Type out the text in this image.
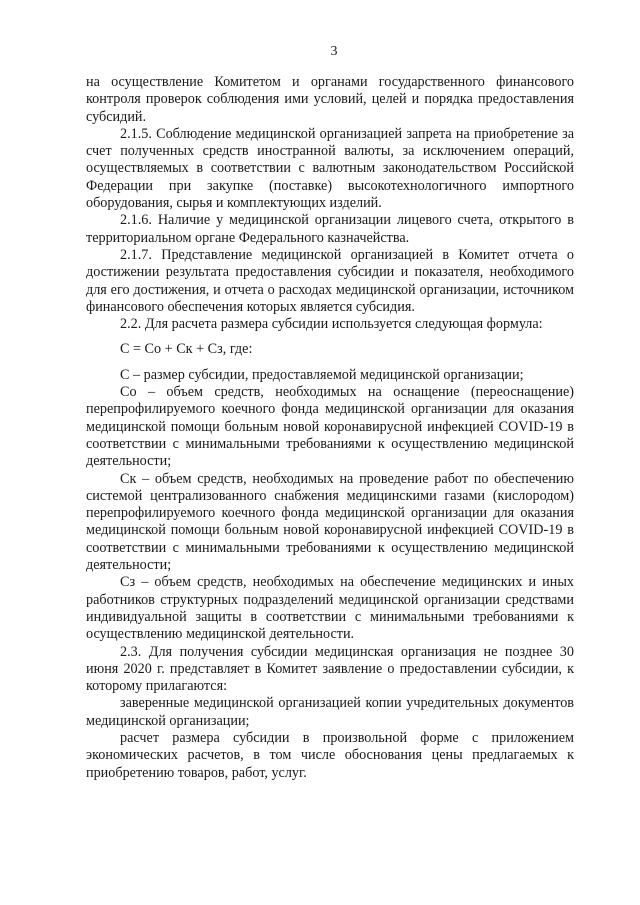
3

на осуществление Комитетом и органами государственного финансового контроля проверок соблюдения ими условий, целей и порядка предоставления субсидий.

2.1.5. Соблюдение медицинской организацией запрета на приобретение за счет полученных средств иностранной валюты, за исключением операций, осуществляемых в соответствии с валютным законодательством Российской Федерации при закупке (поставке) высокотехнологичного импортного оборудования, сырья и комплектующих изделий.

2.1.6. Наличие у медицинской организации лицевого счета, открытого в территориальном органе Федерального казначейства.

2.1.7. Представление медицинской организацией в Комитет отчета о достижении результата предоставления субсидии и показателя, необходимого для его достижения, и отчета о расходах медицинской организации, источником финансового обеспечения которых является субсидия.

2.2. Для расчета размера субсидии используется следующая формула:

С = Со + Ск + Сз, где:

С – размер субсидии, предоставляемой медицинской организации;

Со – объем средств, необходимых на оснащение (переоснащение) перепрофилируемого коечного фонда медицинской организации для оказания медицинской помощи больным новой коронавирусной инфекцией COVID-19 в соответствии с минимальными требованиями к осуществлению медицинской деятельности;

Ск – объем средств, необходимых на проведение работ по обеспечению системой централизованного снабжения медицинскими газами (кислородом) перепрофилируемого коечного фонда медицинской организации для оказания медицинской помощи больным новой коронавирусной инфекцией COVID-19 в соответствии с минимальными требованиями к осуществлению медицинской деятельности;

Сз – объем средств, необходимых на обеспечение медицинских и иных работников структурных подразделений медицинской организации средствами индивидуальной защиты в соответствии с минимальными требованиями к осуществлению медицинской деятельности.

2.3. Для получения субсидии медицинская организация не позднее 30 июня 2020 г. представляет в Комитет заявление о предоставлении субсидии, к которому прилагаются:

заверенные медицинской организацией копии учредительных документов медицинской организации;

расчет размера субсидии в произвольной форме с приложением экономических расчетов, в том числе обоснования цены предлагаемых к приобретению товаров, работ, услуг.
